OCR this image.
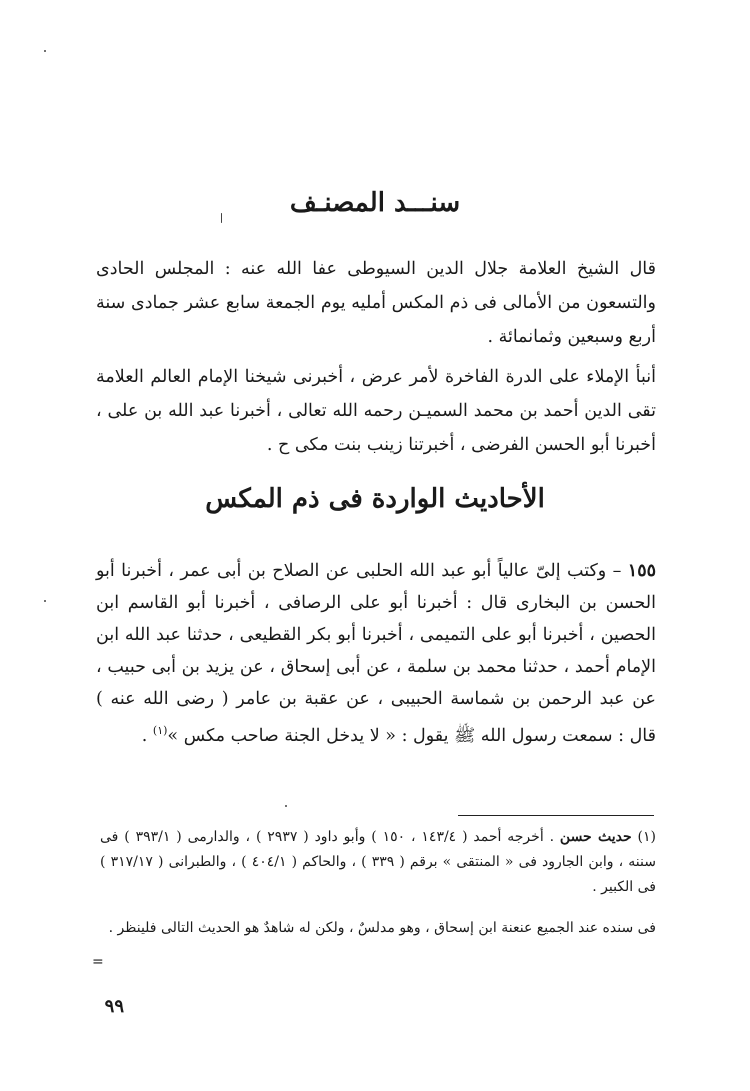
سنـــد المصنـف
قال الشيخ العلامة جلال الدين السيوطى عفا الله عنه : المجلس الحادى والتسعون من الأمالى فى ذم المكس أمليه يوم الجمعة سابع عشر جمادى سنة أربع وسبعين وثمانمائة .
أنبأ الإملاء على الدرة الفاخرة لأمر عرض ، أخبرنى شيخنا الإمام العالم العلامة تقى الدين أحمد بن محمد السميـن رحمه الله تعالى ، أخبرنا عبد الله بن على ، أخبرنا أبو الحسن الفرضى ، أخبرتنا زينب بنت مكى ح .
الأحاديث الواردة فى ذم المكس
١٥٥ – وكتب إلىّ عالياً أبو عبد الله الحلبى عن الصلاح بن أبى عمر ، أخبرنا أبو الحسن بن البخارى قال : أخبرنا أبو على الرصافى ، أخبرنا أبو القاسم ابن الحصين ، أخبرنا أبو على التميمى ، أخبرنا أبو بكر القطيعى ، حدثنا عبد الله ابن الإمام أحمد ، حدثنا محمد بن سلمة ، عن أبى إسحاق ، عن يزيد بن أبى حبيب ، عن عبد الرحمن بن شماسة الحبيبى ، عن عقبة بن عامر ( رضى الله عنه ) قال : سمعت رسول الله ﷺ يقول : « لا يدخل الجنة صاحب مكس »$^{(١)}$ .
(١) حديث حسن . أخرجه أحمد ( ١٤٣/٤ ، ١٥٠ ) وأبو داود ( ٢٩٣٧ ) ، والدارمى ( ٣٩٣/١ ) فى سننه ، وابن الجارود فى « المنتقى » برقم ( ٣٣٩ ) ، والحاكم ( ٤٠٤/١ ) ، والطبرانى ( ٣١٧/١٧ ) فى الكبير .
فى سنده عند الجميع عنعنة ابن إسحاق ، وهو مدلسٌ ، ولكن له شاهدٌ هو الحديث التالى فلينظر .
=
٩٩
